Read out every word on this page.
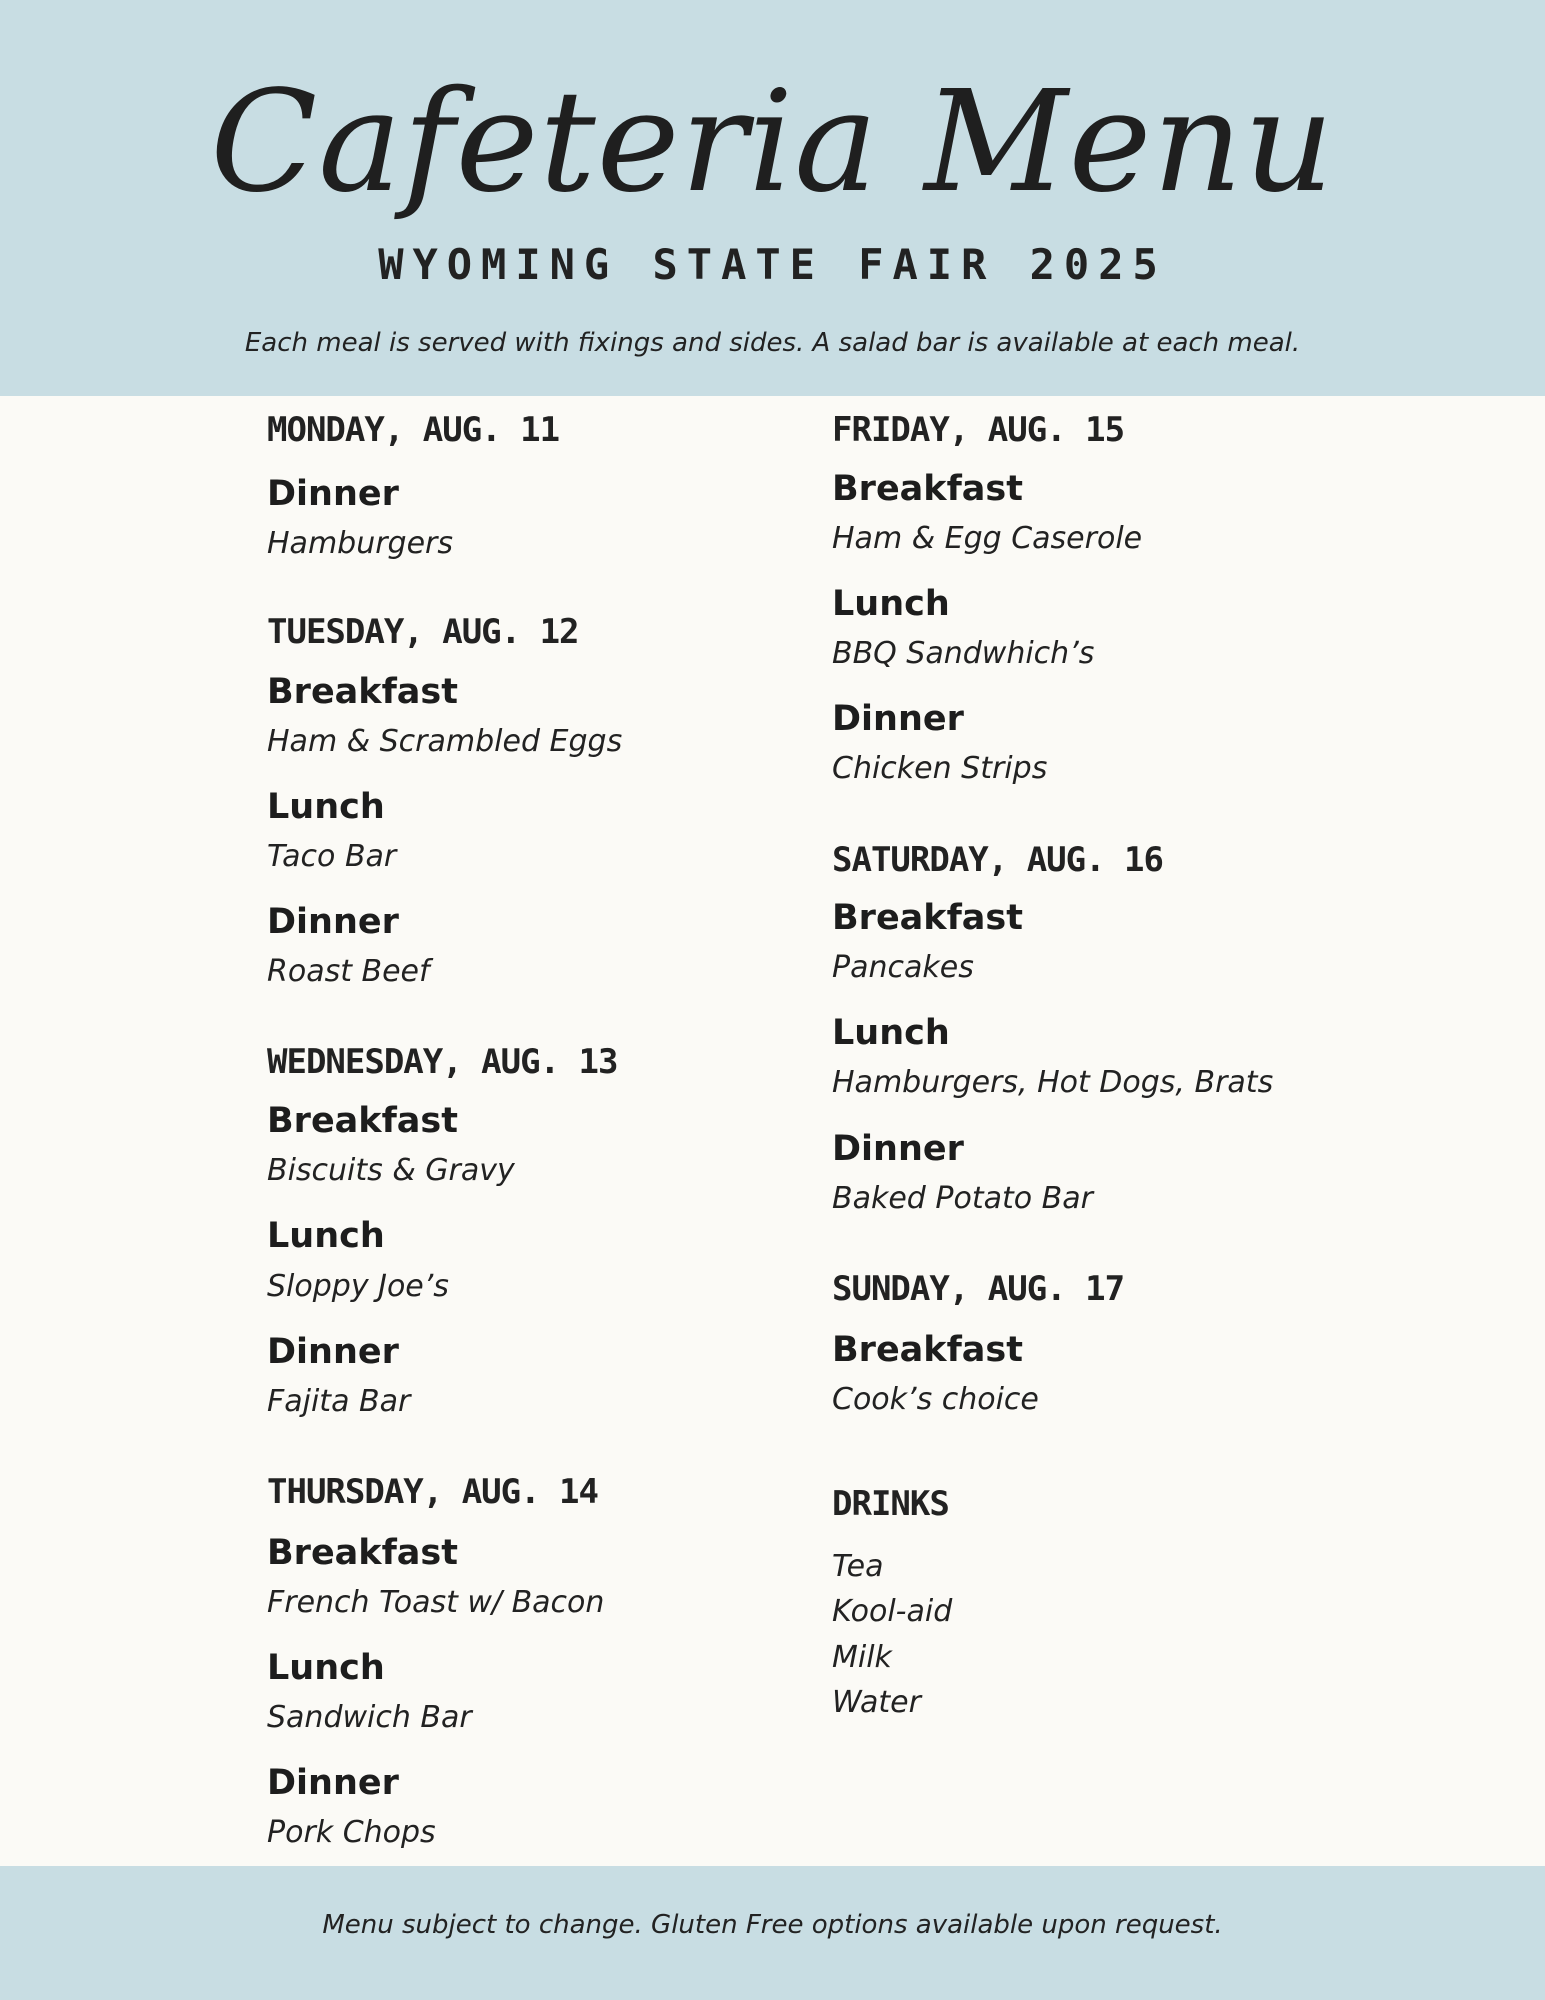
Cafeteria Menu
WYOMING STATE FAIR 2025
Each meal is served with fixings and sides. A salad bar is available at each meal.
MONDAY, AUG. 11
Dinner
Hamburgers
TUESDAY, AUG. 12
Breakfast
Ham & Scrambled Eggs
Lunch
Taco Bar
Dinner
Roast Beef
WEDNESDAY, AUG. 13
Breakfast
Biscuits & Gravy
Lunch
Sloppy Joe’s
Dinner
Fajita Bar
THURSDAY, AUG. 14
Breakfast
French Toast w/ Bacon
Lunch
Sandwich Bar
Dinner
Pork Chops
FRIDAY, AUG. 15
Breakfast
Ham & Egg Caserole
Lunch
BBQ Sandwhich’s
Dinner
Chicken Strips
SATURDAY, AUG. 16
Breakfast
Pancakes
Lunch
Hamburgers, Hot Dogs, Brats
Dinner
Baked Potato Bar
SUNDAY, AUG. 17
Breakfast
Cook’s choice
DRINKS
Tea
Kool-aid
Milk
Water
Menu subject to change. Gluten Free options available upon request.
